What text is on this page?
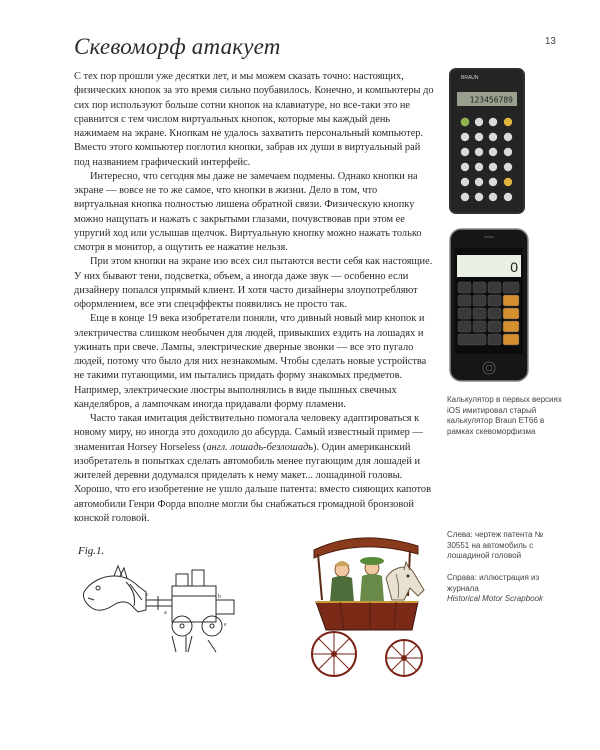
13
Скевоморф атакует

С тех пор прошли уже десятки лет, и мы можем сказать точно: настоящих, физических кнопок за это время сильно поубавилось. Конечно, и компьютеры до сих пор используют больше сотни кнопок на клавиатуре, но все-таки это не сравнится с тем числом виртуальных кнопок, которые мы каждый день нажимаем на экране. Кнопкам не удалось захватить персональный компьютер. Вместо этого компьютер поглотил кнопки, забрав их души в виртуальный рай под названием графический интерфейс.

Интересно, что сегодня мы даже не замечаем подмены. Однако кнопки на экране — вовсе не то же самое, что кнопки в жизни. Дело в том, что виртуальная кнопка полностью лишена обратной связи. Физическую кнопку можно нащупать и нажать с закрытыми глазами, почувствовав при этом ее упругий ход или услышав щелчок. Виртуальную кнопку можно нажать только смотря в монитор, а ощутить ее нажатие нельзя.

При этом кнопки на экране изо всех сил пытаются вести себя как настоящие. У них бывают тени, подсветка, объем, а иногда даже звук — особенно если дизайнеру попался упрямый клиент. И хотя часто дизайнеры злоупотребляют оформлением, все эти спецэффекты появились не просто так.

Еще в конце 19 века изобретатели поняли, что дивный новый мир кнопок и электричества слишком необычен для людей, привыкших ездить на лошадях и ужинать при свече. Лампы, электрические дверные звонки — все это пугало людей, потому что было для них незнакомым. Чтобы сделать новые устройства не такими пугающими, им пытались придать форму знакомых предметов. Например, электрические люстры выполнялись в виде пышных свечных канделябров, а лампочкам иногда придавали форму пламени.

Часто такая имитация действительно помогала человеку адаптироваться к новому миру, но иногда это доходило до абсурда. Самый известный пример — знаменитая Horsey Horseless (англ. лошадь-безлошадь). Один американский изобретатель в попытках сделать автомобиль менее пугающим для лошадей и жителей деревни додумался приделать к нему макет... лошадиной головы. Хорошо, что его изобретение не ушло дальше патента: вместо сияющих капотов автомобили Генри Форда вполне могли бы снабжаться громадной бронзовой конской головой.

BRAUN
123456789
0
Калькулятор в первых версиях iOS имитировал старый калькулятор Braun ET66 в рамках скевоморфизма
Fig.1.
c
a
b
e
Слева: чертеж патента № 30551 на автомобиль с лошадиной головой
Справа: иллюстрация из журнала
Historical Motor Scrapbook
